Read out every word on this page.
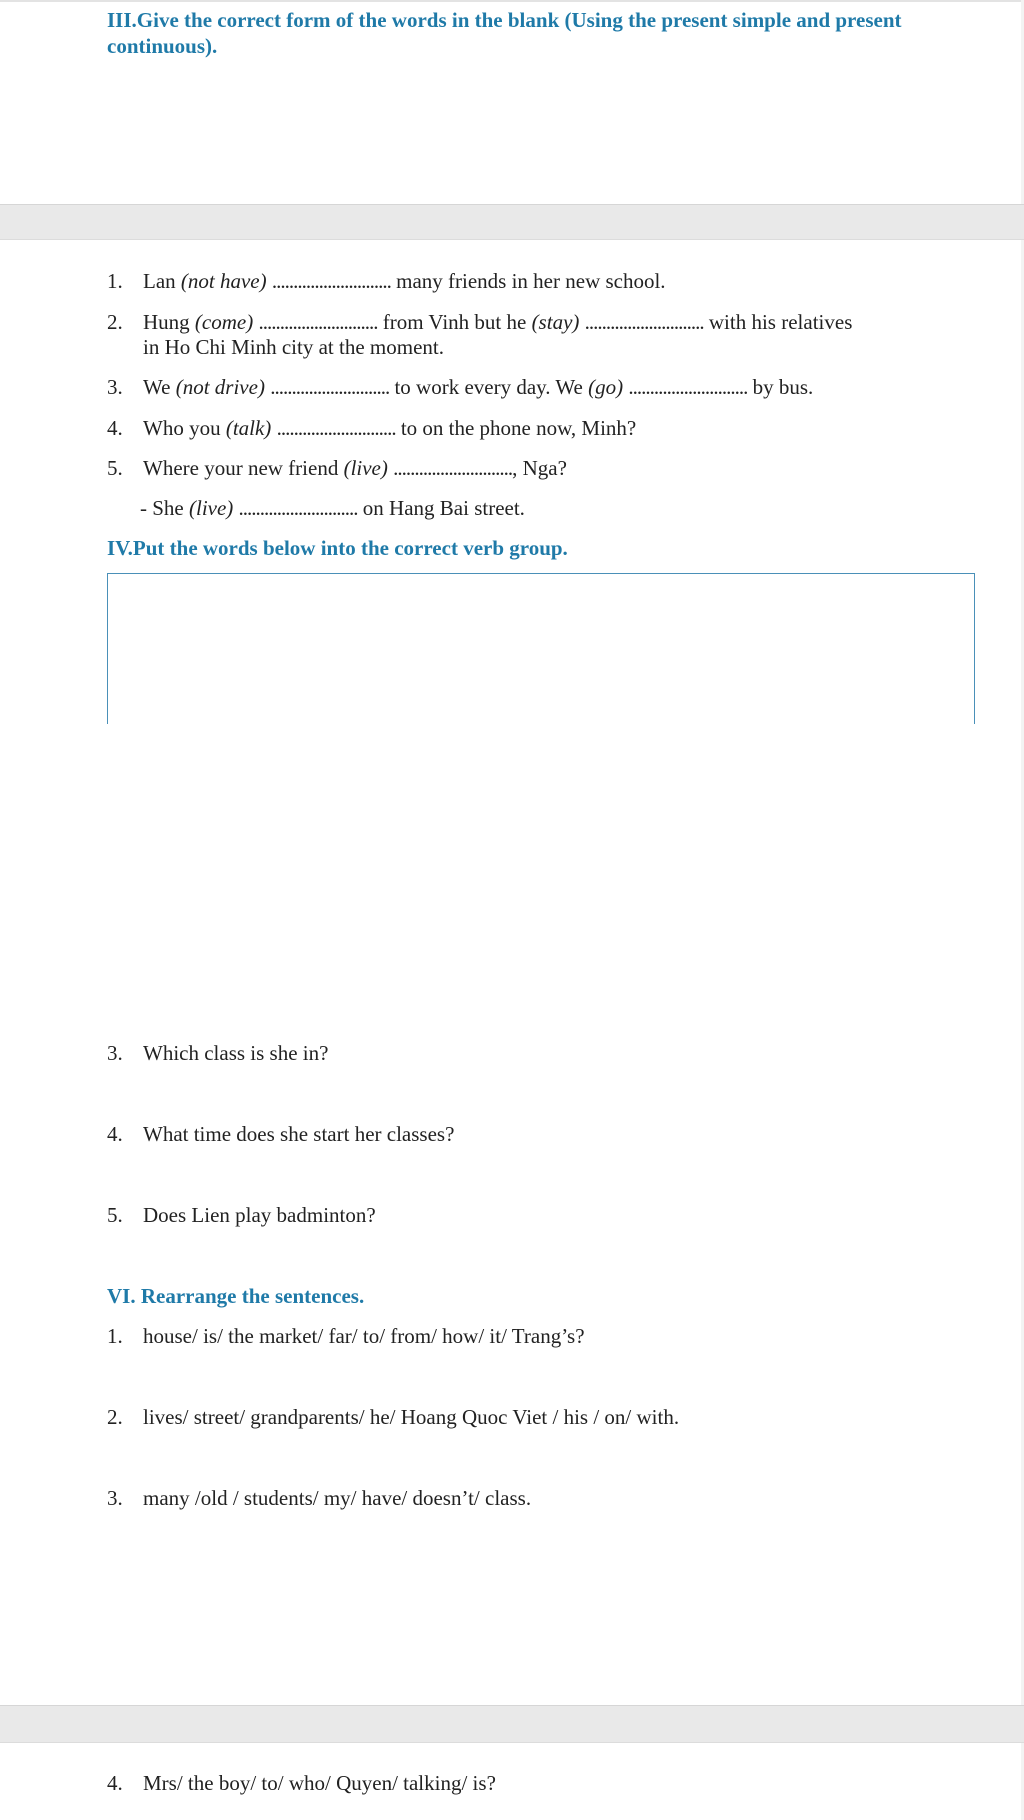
III.Give the correct form of the words in the blank (Using the present simple and present
continuous).
1. Lan (not have) ............................ many friends in her new school.
2. Hung (come) ............................ from Vinh but he (stay) ............................ with his relatives
in Ho Chi Minh city at the moment.
3. We (not drive) ............................ to work every day. We (go) ............................ by bus.
4. Who you (talk) ............................ to on the phone now, Minh?
5. Where your new friend (live) ............................, Nga?
- She (live) ............................ on Hang Bai street.
IV.Put the words below into the correct verb group.
3. Which class is she in?
4. What time does she start her classes?
5. Does Lien play badminton?
VI. Rearrange the sentences.
1. house/ is/ the market/ far/ to/ from/ how/ it/ Trang’s?
2. lives/ street/ grandparents/ he/ Hoang Quoc Viet / his / on/ with.
3. many /old / students/ my/ have/ doesn’t/ class.
4. Mrs/ the boy/ to/ who/ Quyen/ talking/ is?
